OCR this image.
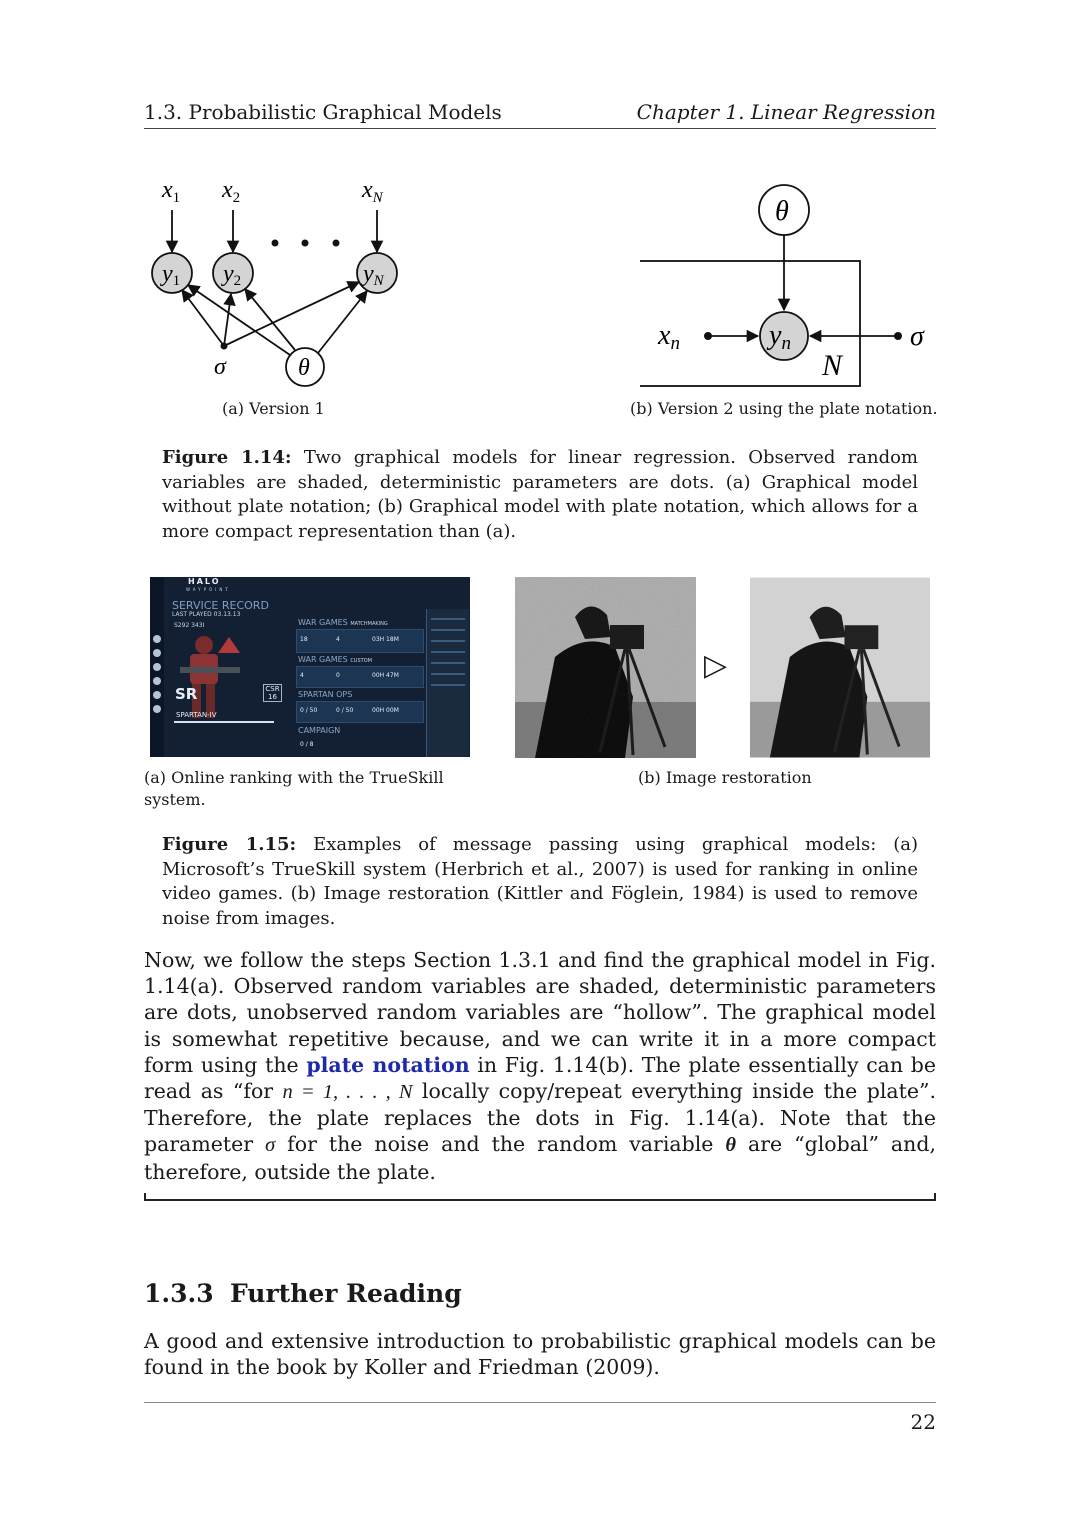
1.3. Probabilistic Graphical Models	Chapter 1. Linear Regression
$x_1$ $x_2$	$x_N$
y1 y2	yN
σ	θ
(a) Version 1
θ
yn
xn	σ
N
(b) Version 2 using the plate notation.
Figure 1.14: Two graphical models for linear regression. Observed random variables are shaded, deterministic parameters are dots. (a) Graphical model without plate notation; (b) Graphical model with plate notation, which allows for a more compact representation than (a).
HALO
WAYPOINT
SERVICE RECORD
LAST PLAYED 03.13.13
S292 343I
SR	CSR
16
SPARTAN-IV
WAR GAMES MATCHMAKING
18	4	03H 18M
WAR GAMES CUSTOM
4	0	00H 47M
SPARTAN OPS
0 / 50	0 / 50	00H 00M
CAMPAIGN
0 / 8
(a) Online ranking with the TrueSkill system.
▷
(b) Image restoration
Figure 1.15: Examples of message passing using graphical models: (a) Microsoft’s TrueSkill system (Herbrich et al., 2007) is used for ranking in online video games. (b) Image restoration (Kittler and Föglein, 1984) is used to remove noise from images.
Now, we follow the steps Section 1.3.1 and find the graphical model in Fig. 1.14(a). Observed random variables are shaded, deterministic parameters are dots, unobserved random variables are “hollow”. The graphical model is somewhat repetitive because, and we can write it in a more compact form using the plate notation in Fig. 1.14(b). The plate essentially can be read as “for n = 1, . . . , N locally copy/repeat everything inside the plate”. Therefore, the plate replaces the dots in Fig. 1.14(a). Note that the parameter σ for the noise and the random variable θ are “global” and, therefore, outside the plate.
1.3.3 Further Reading
A good and extensive introduction to probabilistic graphical models can be found in the book by Koller and Friedman (2009).
22
